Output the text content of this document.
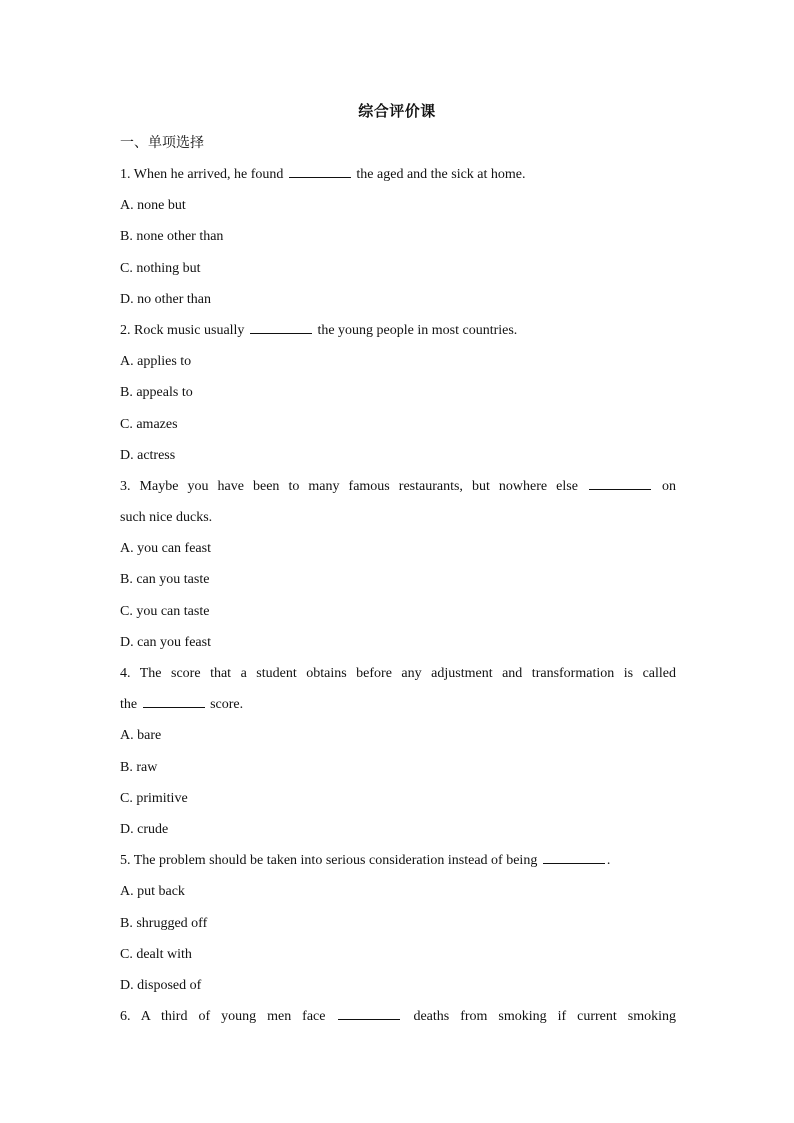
综合评价课
一、单项选择
1. When he arrived, he found	the aged and the sick at home.
A. none but
B. none other than
C. nothing but
D. no other than
2. Rock music usually	the young people in most countries.
A. applies to
B. appeals to
C. amazes
D. actress
3. Maybe you have been to many famous restaurants, but nowhere else	on
such nice ducks.
A. you can feast
B. can you taste
C. you can taste
D. can you feast
4. The score that a student obtains before any adjustment and transformation is called
the	score.
A. bare
B. raw
C. primitive
D. crude
5. The problem should be taken into serious consideration instead of being	.
A. put back
B. shrugged off
C. dealt with
D. disposed of
6. A third of young men face	deaths from smoking if current smoking
